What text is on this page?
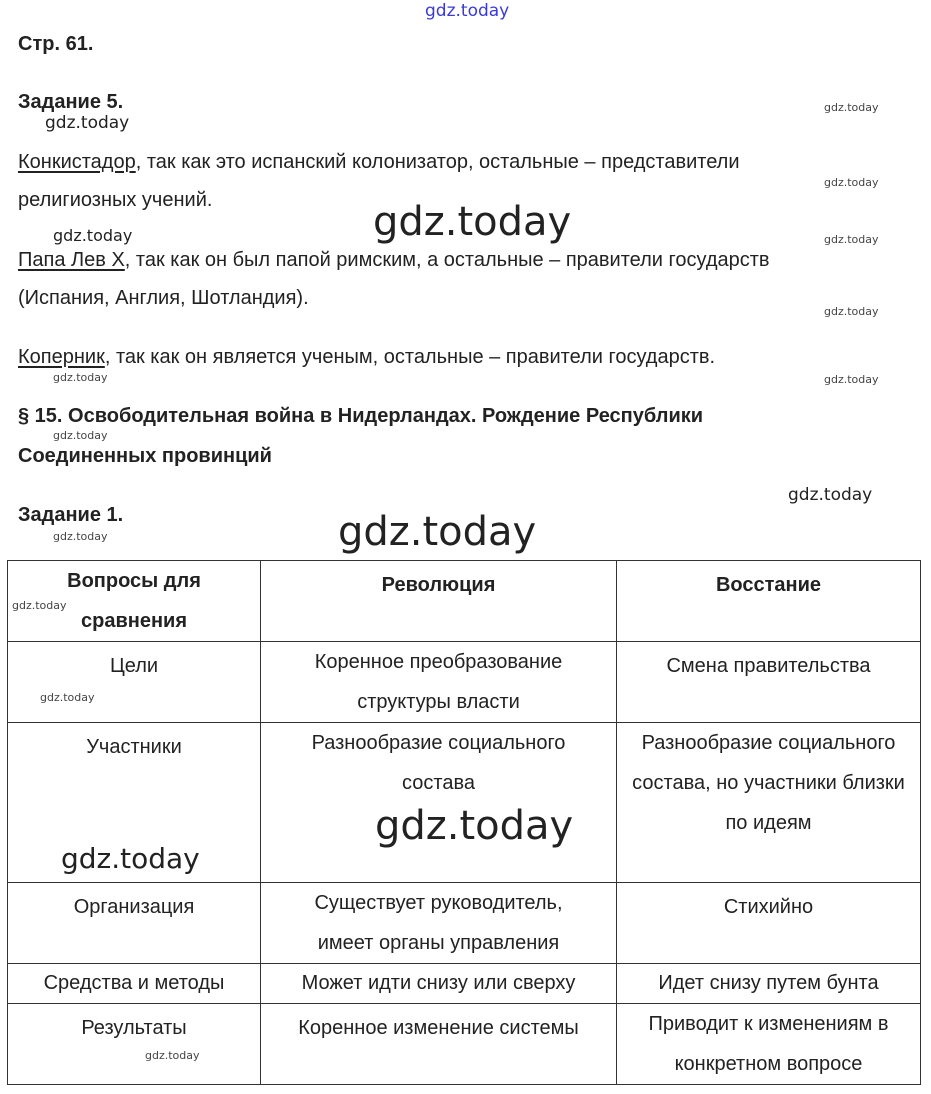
Стр. 61.
Задание 5.
Конкистадор, так как это испанский колонизатор, остальные – представители
религиозных учений.
Папа Лев X, так как он был папой римским, а остальные – правители государств
(Испания, Англия, Шотландия).
Коперник, так как он является ученым, остальные – правители государств.
§ 15. Освободительная война в Нидерландах. Рождение Республики
Соединенных провинций
Задание 1.
Вопросы для сравнения	Революция	Восстание
Цели	Коренное преобразование структуры власти	Смена правительства
Участники	Разнообразие социального состава	Разнообразие социального состава, но участники близки по идеям
Организация	Существует руководитель, имеет органы управления	Стихийно
Средства и методы	Может идти снизу или сверху	Идет снизу путем бунта
Результаты	Коренное изменение системы	Приводит к изменениям в конкретном вопросе
gdz.today
gdz.today
gdz.today	gdz.today
gdz.today
gdz.today
gdz.today
gdz.today
gdz.today
gdz.today
gdz.today
gdz.today
gdz.today
gdz.today
gdz.today
gdz.today
gdz.today
gdz.today
gdz.today
